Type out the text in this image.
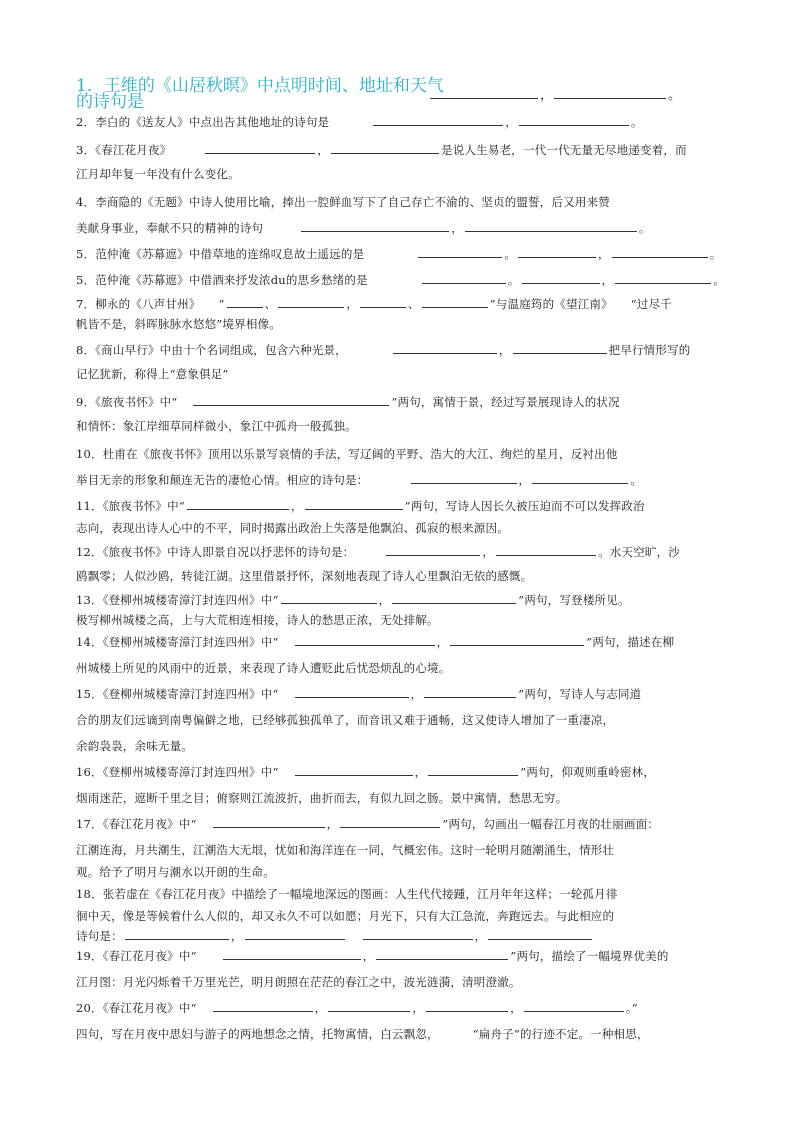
1．王维的《山居秋暝》中点明时间、地址和天气
的诗句是	，	。
2．李白的《送友人》中点出告其他地址的诗句是	，	。
3．《春江花月夜》	，	是说人生易老，一代一代无量无尽地递变着，而
江月却年复一年没有什么变化。
4．李商隐的《无题》中诗人使用比喻，捧出一腔鲜血写下了自己存亡不渝的、坚贞的盟誓，后又用来赞
美献身事业，奉献不只的精神的诗句	，	。
5．范仲淹《苏幕遮》中借草地的连绵叹息故土遥远的是	。	，	。
5．范仲淹《苏幕遮》中借酒来抒发浓du的思乡愁绪的是	。	，	。
7．柳永的《八声甘州》 “	、	，	、	”与温庭筠的《望江南》 “过尽千
帆皆不是，斜晖脉脉水悠悠”境界相像。
8．《商山早行》中由十个名词组成，包含六种光景，	，	把早行情形写的
记忆犹新，称得上“意象俱足”
9．《旅夜书怀》中“	”两句，寓情于景，经过写景展现诗人的状况
和情怀：象江岸细草同样微小，象江中孤舟一般孤独。
10．杜甫在《旅夜书怀》顶用以乐景写哀情的手法，写辽阔的平野、浩大的大江、绚烂的星月，反衬出他
举目无亲的形象和颠连无告的凄怆心情。相应的诗句是：	，	。
11．《旅夜书怀》中“	，	”两句，写诗人因长久被压迫而不可以发挥政治
志向，表现出诗人心中的不平，同时揭露出政治上失落是他飘泊、孤寂的根来源因。
12．《旅夜书怀》中诗人即景自况以抒悲怀的诗句是：	，	。水天空旷，沙
鸥飘零；人似沙鸥，转徒江湖。这里借景抒怀，深刻地表现了诗人心里飘泊无依的感慨。
13．《登柳州城楼寄漳汀封连四州》中“	，	”两句，写登楼所见。
极写柳州城楼之高，上与大荒相连相接，诗人的愁思正浓，无处排解。
14．《登柳州城楼寄漳汀封连四州》中“	，	”两句，描述在柳
州城楼上所见的风雨中的近景，来表现了诗人遭贬此后忧恐烦乱的心境。
15．《登柳州城楼寄漳汀封连四州》中“	，	”两句，写诗人与志同道
合的朋友们远谪到南粤偏僻之地，已经够孤独孤单了，而音讯又难于通畅，这又使诗人增加了一重凄凉，
余韵袅袅，余味无量。
16．《登柳州城楼寄漳汀封连四州》中“	，	”两句，仰观则重岭密林，
烟雨迷茫，遮断千里之目；俯察则江流波折，曲折而去，有似九回之肠。景中寓情，愁思无穷。
17．《春江花月夜》中“	，	”两句，勾画出一幅春江月夜的壮丽画面：
江潮连海，月共潮生，江潮浩大无垠，忧如和海洋连在一同，气概宏伟。这时一轮明月随潮涌生，情形壮
观。给予了明月与潮水以开朗的生命。
18．张若虚在《春江花月夜》中描绘了一幅境地深远的图画：人生代代接踵，江月年年这样；一轮孤月徘
徊中天，像是等候着什么人似的，却又永久不可以如愿；月光下，只有大江急流，奔跑远去。与此相应的
诗句是：	，	，
19．《春江花月夜》中“	，	”两句，描绘了一幅境界优美的
江月图：月光闪烁着千万里光芒，明月朗照在茫茫的春江之中，波光涟漪，清明澄澈。
20．《春江花月夜》中“	，	，	，	。”
四句，写在月夜中思妇与游子的两地想念之情，托物寓情，白云飘忽，	“扁舟子”的行迹不定。一种相思，
